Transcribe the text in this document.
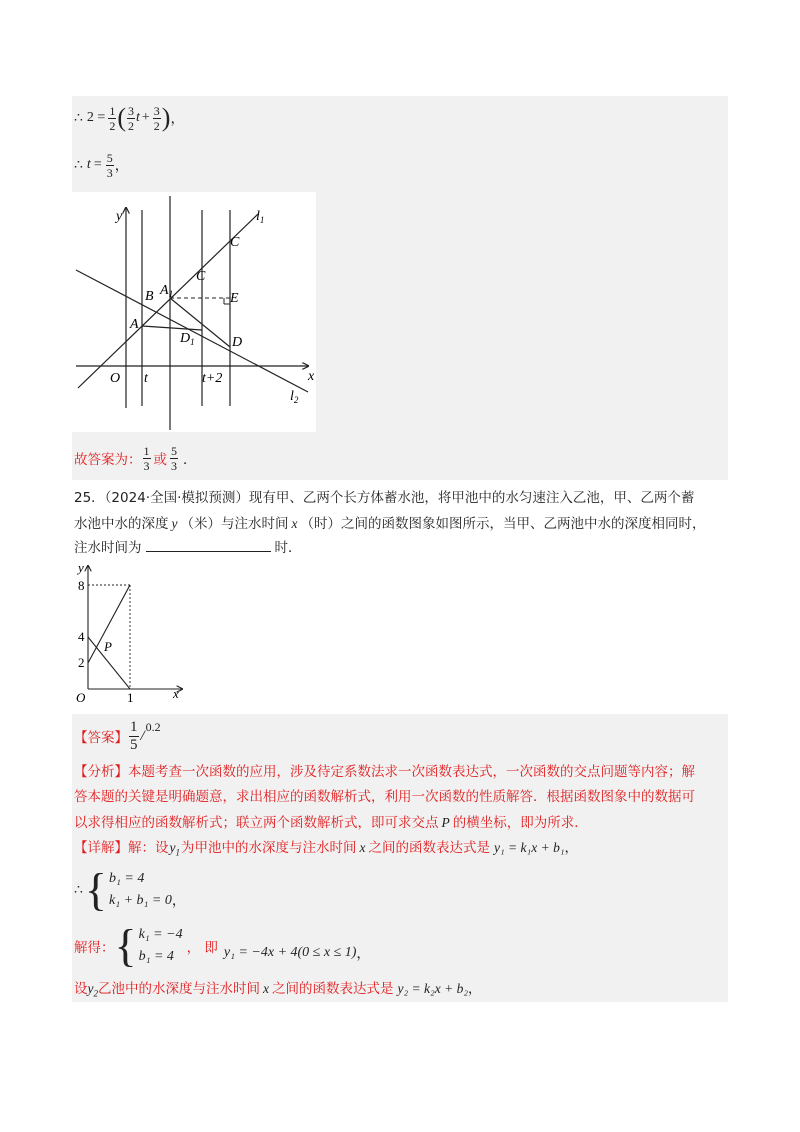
∴ $2 = \frac{1}{2}$ ( $\frac{3}{2}$ $t + \frac{3}{2}$ ) ，
∴ $t = \frac{5}{3}$ ，
y	$l_1$
C
C
B $A_1$	E
A
$D_1$	D
O t	t+2	x
$l_2$
故答案为： $\frac{1}{3}$ 或 $\frac{5}{3}$ ．
25．（2024·全国·模拟预测）现有甲、乙两个长方体蓄水池，将甲池中的水匀速注入乙池，甲、乙两个蓄
水池中水的深度 y （米）与注水时间 x （时）之间的函数图象如图所示，当甲、乙两池中水的深度相同时，
注水时间为	时．
y
8
4
2
P
O	1	x
【答案】 $\frac{1}{5}$ /
0.2
【分析】本题考查一次函数的应用，涉及待定系数法求一次函数表达式，一次函数的交点问题等内容；解
答本题的关键是明确题意，求出相应的函数解析式，利用一次函数的性质解答．根据函数图象中的数据可
以求得相应的函数解析式；联立两个函数解析式，即可求交点 P 的横坐标，即为所求．
【详解】解：设$y_1$为甲池中的水深度与注水时间 x 之间的函数表达式是 y₁ = k₁x + b₁，
∴ { b₁ = 4
k₁ + b₁ = 0 ，
解得： { k₁ = −4
b₁ = 4
， 即 y₁ = −4x + 4(0 ≤ x ≤ 1) ，
设$y_2$乙池中的水深度与注水时间 x 之间的函数表达式是 y₂ = k₂x + b₂，
